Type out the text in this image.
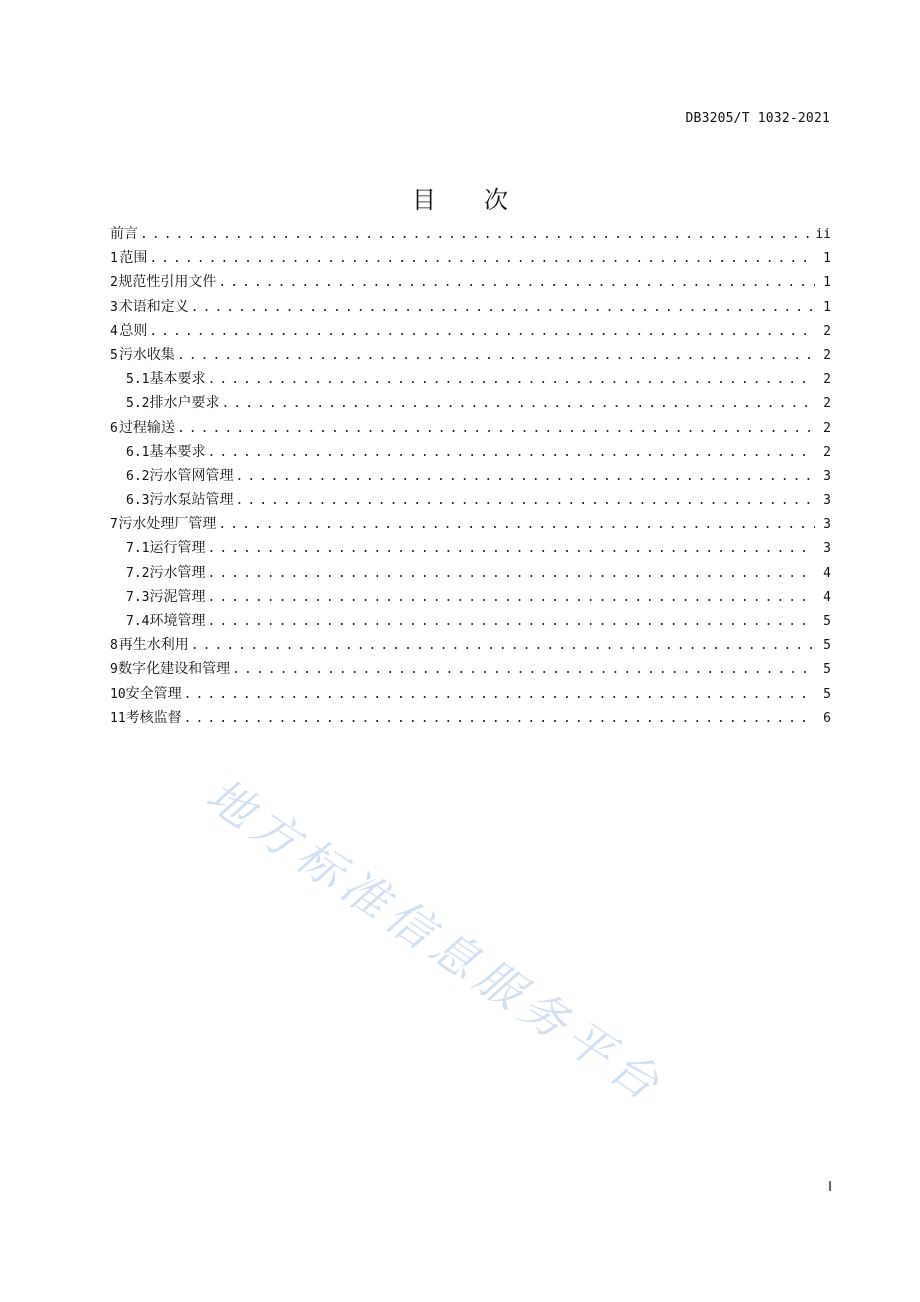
DB3205/T 1032-2021
目 次
前言 . . .	ii
1 范围 . . .	1
2 规范性引用文件 . . .	1
3 术语和定义 . . .	1
4 总则 . . .	2
5 污水收集 . . .	2
5.1 基本要求 . . .	2
5.2 排水户要求 . . .	2
6 过程输送 . . .	2
6.1 基本要求 . . .	2
6.2 污水管网管理 . . .	3
6.3 污水泵站管理 . . .	3
7 污水处理厂管理 . . .	3
7.1 运行管理 . . .	3
7.2 污水管理 . . .	4
7.3 污泥管理 . . .	4
7.4 环境管理 . . .	5
8 再生水利用 . . .	5
9 数字化建设和管理 . . .	5
10 安全管理 . . .	5
11 考核监督 . . .	6
地方标准信息服务平台
I
